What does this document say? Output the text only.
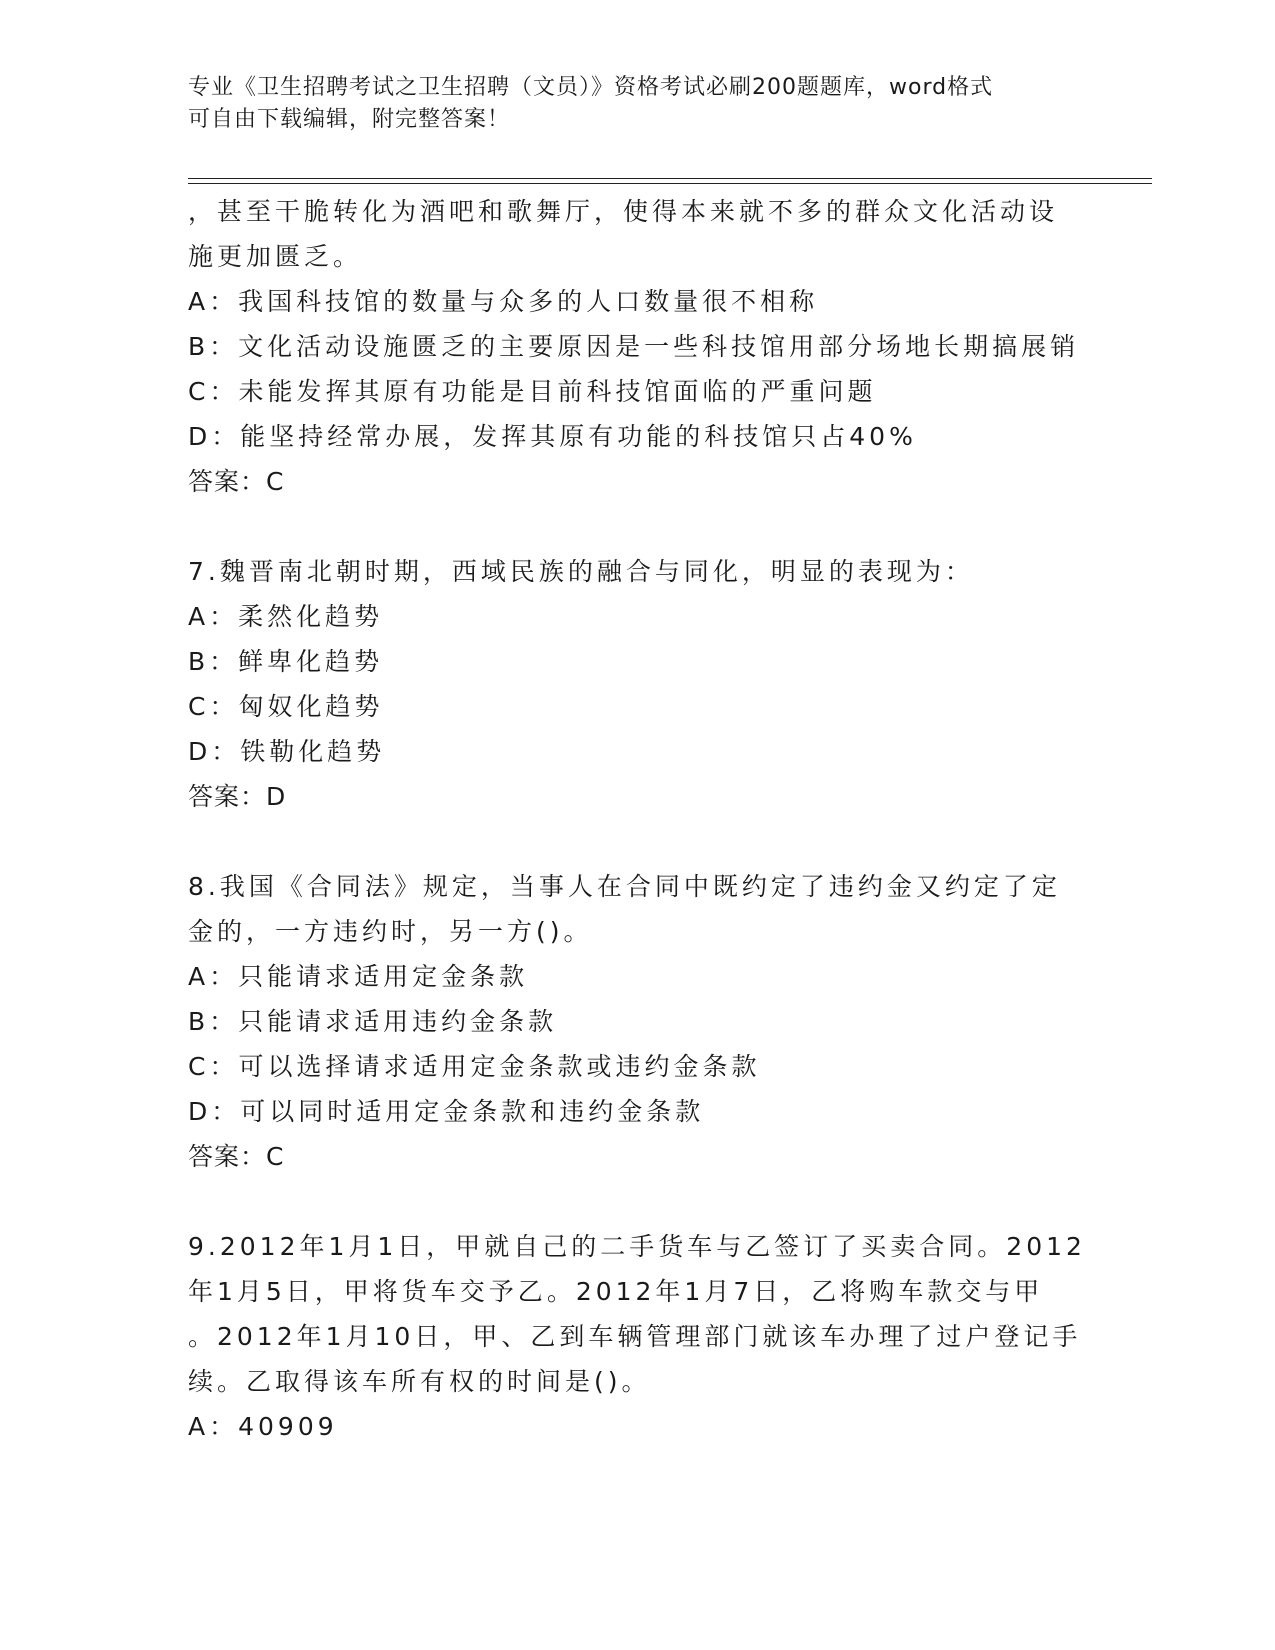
专业《卫生招聘考试之卫生招聘（文员）》资格考试必刷200题题库，word格式
可自由下载编辑，附完整答案！
，甚至干脆转化为酒吧和歌舞厅，使得本来就不多的群众文化活动设
施更加匮乏。
A：我国科技馆的数量与众多的人口数量很不相称
B：文化活动设施匮乏的主要原因是一些科技馆用部分场地长期搞展销
C：未能发挥其原有功能是目前科技馆面临的严重问题
D：能坚持经常办展，发挥其原有功能的科技馆只占40%
答案：C
7.魏晋南北朝时期，西域民族的融合与同化，明显的表现为：
A：柔然化趋势
B：鲜卑化趋势
C：匈奴化趋势
D：铁勒化趋势
答案：D
8.我国《合同法》规定，当事人在合同中既约定了违约金又约定了定
金的，一方违约时，另一方()。
A：只能请求适用定金条款
B：只能请求适用违约金条款
C：可以选择请求适用定金条款或违约金条款
D：可以同时适用定金条款和违约金条款
答案：C
9.2012年1月1日，甲就自己的二手货车与乙签订了买卖合同。2012
年1月5日，甲将货车交予乙。2012年1月7日，乙将购车款交与甲
。2012年1月10日，甲、乙到车辆管理部门就该车办理了过户登记手
续。乙取得该车所有权的时间是()。
A：40909
